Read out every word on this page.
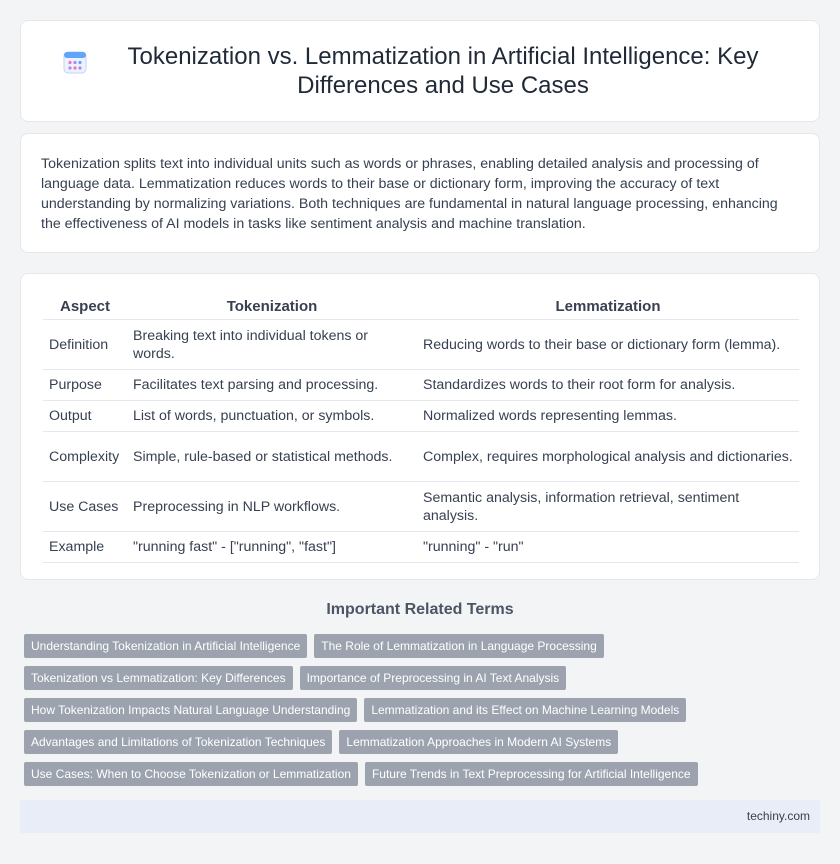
Tokenization vs. Lemmatization in Artificial Intelligence: Key Differences and Use Cases

Tokenization splits text into individual units such as words or phrases, enabling detailed analysis and processing of language data. Lemmatization reduces words to their base or dictionary form, improving the accuracy of text understanding by normalizing variations. Both techniques are fundamental in natural language processing, enhancing the effectiveness of AI models in tasks like sentiment analysis and machine translation.

Aspect	Tokenization	Lemmatization
Definition	Breaking text into individual tokens or words.	Reducing words to their base or dictionary form (lemma).
Purpose	Facilitates text parsing and processing.	Standardizes words to their root form for analysis.
Output	List of words, punctuation, or symbols.	Normalized words representing lemmas.
Complexity	Simple, rule-based or statistical methods.	Complex, requires morphological analysis and dictionaries.
Use Cases	Preprocessing in NLP workflows.	Semantic analysis, information retrieval, sentiment analysis.
Example	"running fast" - ["running", "fast"]	"running" - "run"
Important Related Terms
Understanding Tokenization in Artificial Intelligence	The Role of Lemmatization in Language Processing
Tokenization vs Lemmatization: Key Differences	Importance of Preprocessing in AI Text Analysis
How Tokenization Impacts Natural Language Understanding	Lemmatization and its Effect on Machine Learning Models
Advantages and Limitations of Tokenization Techniques	Lemmatization Approaches in Modern AI Systems
Use Cases: When to Choose Tokenization or Lemmatization	Future Trends in Text Preprocessing for Artificial Intelligence
techiny.com
